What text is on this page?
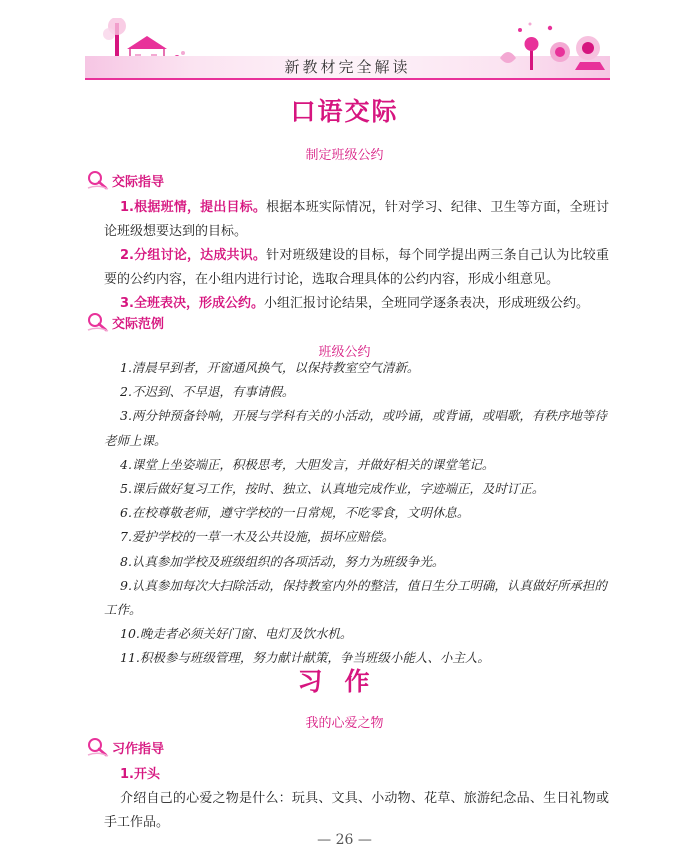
新教材完全解读
口语交际
制定班级公约
交际指导
1.根据班情，提出目标。根据本班实际情况，针对学习、纪律、卫生等方面，全班讨论班级想要达到的目标。
2.分组讨论，达成共识。针对班级建设的目标，每个同学提出两三条自己认为比较重要的公约内容，在小组内进行讨论，选取合理具体的公约内容，形成小组意见。
3.全班表决，形成公约。小组汇报讨论结果，全班同学逐条表决，形成班级公约。
交际范例
班级公约
1.清晨早到者，开窗通风换气，以保持教室空气清新。
2.不迟到、不早退，有事请假。
3.两分钟预备铃响，开展与学科有关的小活动，或吟诵，或背诵，或唱歌，有秩序地等待老师上课。
4.课堂上坐姿端正，积极思考，大胆发言，并做好相关的课堂笔记。
5.课后做好复习工作，按时、独立、认真地完成作业，字迹端正，及时订正。
6.在校尊敬老师，遵守学校的一日常规，不吃零食，文明休息。
7.爱护学校的一草一木及公共设施，损坏应赔偿。
8.认真参加学校及班级组织的各项活动，努力为班级争光。
9.认真参加每次大扫除活动，保持教室内外的整洁，值日生分工明确，认真做好所承担的工作。
10.晚走者必须关好门窗、电灯及饮水机。
11.积极参与班级管理，努力献计献策，争当班级小能人、小主人。
习作
我的心爱之物
习作指导
1.开头
介绍自己的心爱之物是什么：玩具、文具、小动物、花草、旅游纪念品、生日礼物或手工作品。
— 26 —
